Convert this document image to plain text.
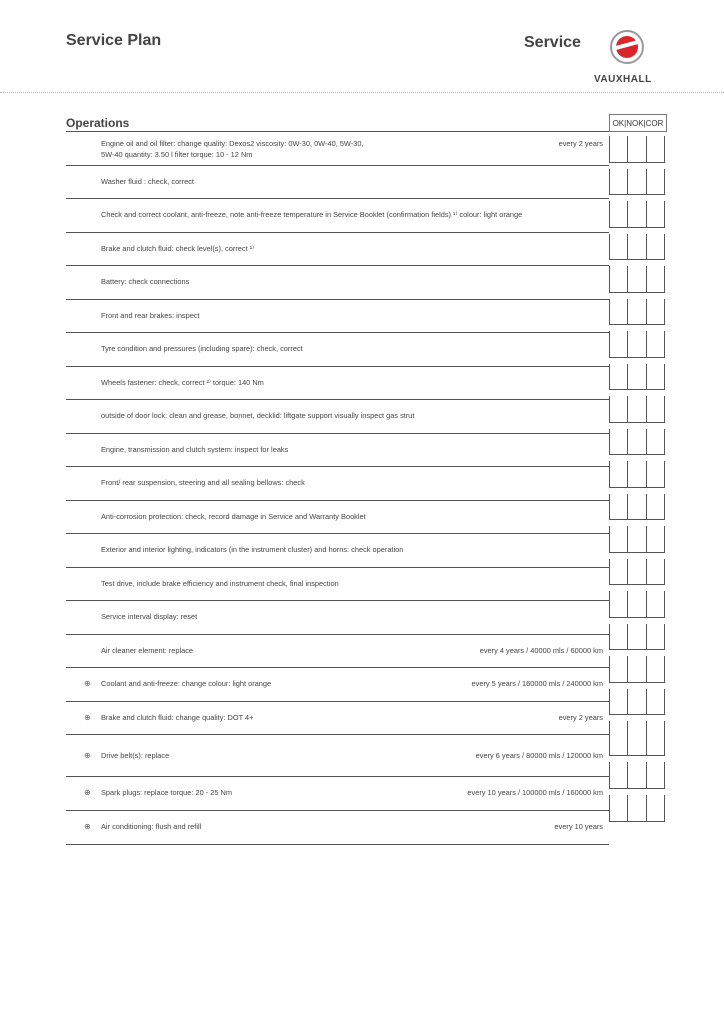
Service Plan	Service
VAUXHALL
Operations	OK|NOK|COR
Engine oil and oil filter: change quality: Dexos2 viscosity: 0W-30, 0W-40, 5W-30,
5W-40 quantity: 3.50 l filter torque: 10 - 12 Nm
every 2 years
Washer fluid : check, correct
Check and correct coolant, anti-freeze, note anti-freeze temperature in Service Booklet (confirmation fields) ¹⁾ colour: light orange
Brake and clutch fluid: check level(s), correct ¹⁾
Battery: check connections
Front and rear brakes: inspect
Tyre condition and pressures (including spare): check, correct
Wheels fastener: check, correct ²⁾ torque: 140 Nm
outside of door lock: clean and grease, bonnet, decklid: liftgate support visually inspect gas strut
Engine, transmission and clutch system: inspect for leaks
Front/ rear suspension, steering and all sealing bellows: check
Anti-corrosion protection: check, record damage in Service and Warranty Booklet
Exterior and interior lighting, indicators (in the instrument cluster) and horns: check operation
Test drive, include brake efficiency and instrument check, final inspection
Service interval display: reset
Air cleaner element: replace	every 4 years / 40000 mls / 60000 km
⊕ Coolant and anti-freeze: change colour: light orange	every 5 years / 160000 mls / 240000 km
⊕ Brake and clutch fluid: change quality: DOT 4+	every 2 years
⊕ Drive belt(s): replace	every 6 years / 80000 mls / 120000 km
⊕ Spark plugs: replace torque: 20 - 25 Nm	every 10 years / 100000 mls / 160000 km
⊕ Air conditioning: flush and refill	every 10 years
